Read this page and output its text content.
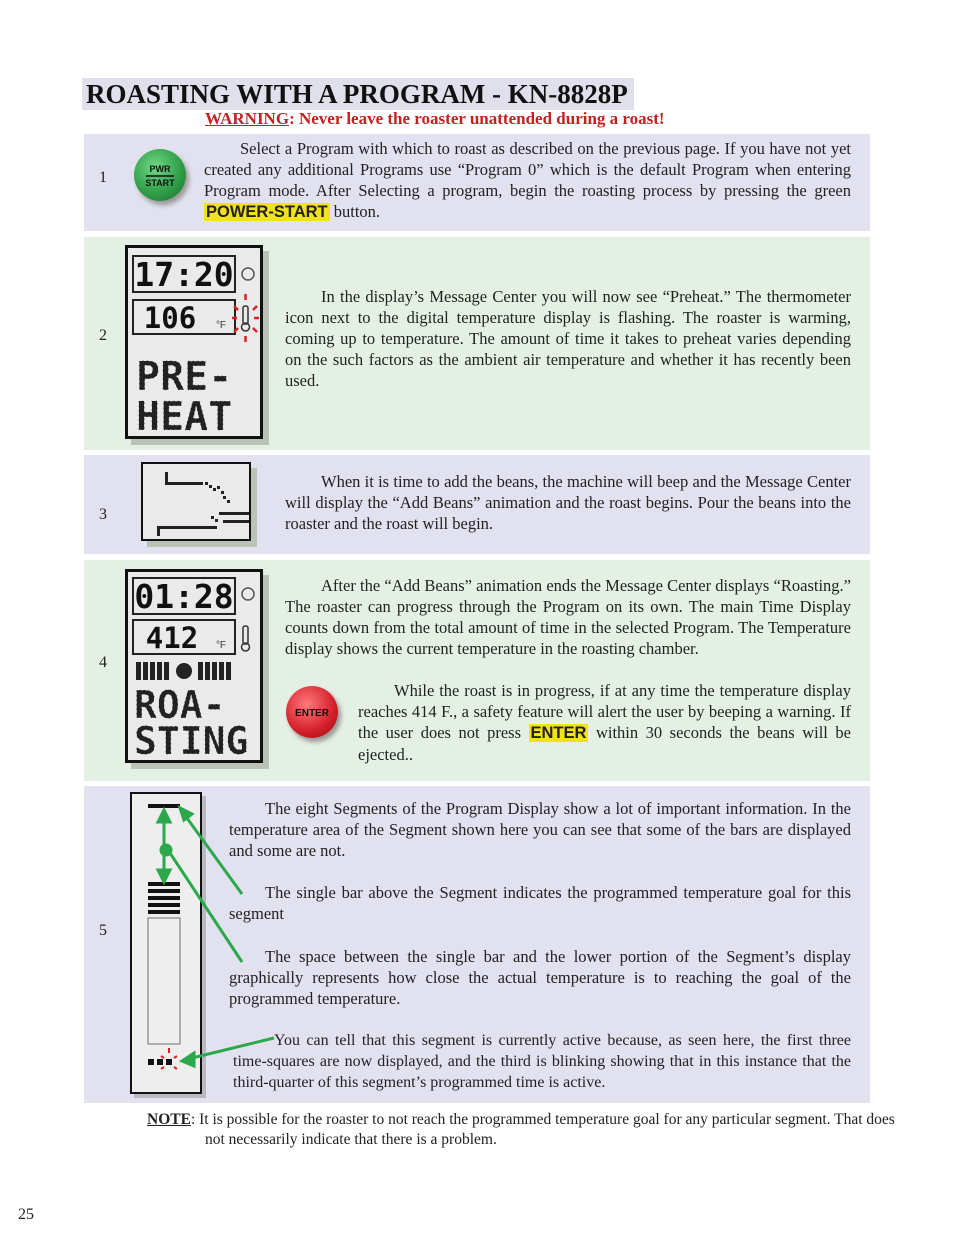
ROASTING WITH A PROGRAM - KN-8828P
WARNING: Never leave the roaster unattended during a roast!
1	PWR
START
Select a Program with which to roast as described on the previous page. If you have not yet created any additional Programs use “Program 0” which is the default Program when entering Program mode. After Selecting a program, begin the roasting process by pressing the green POWER-START button.
2
17:20
106 °F
PRE-
HEAT
In the display’s Message Center you will now see “Preheat.” The thermometer icon next to the digital temperature display is flashing. The roaster is warming, coming up to temperature. The amount of time it takes to preheat varies depending on the such factors as the ambient air temperature and whether it has recently been used.
3
When it is time to add the beans, the machine will beep and the Message Center will display the “Add Beans” animation and the roast begins. Pour the beans into the roaster and the roast will begin.
4
01:28
412 °F
ROA-
STING
After the “Add Beans” animation ends the Message Center displays “Roasting.” The roaster can progress through the Program on its own. The main Time Display counts down from the total amount of time in the selected Program. The Temperature display shows the current temperature in the roasting chamber.
ENTER
While the roast is in progress, if at any time the temperature display reaches 414 F., a safety feature will alert the user by beeping a warning. If the user does not press ENTER within 30 seconds the beans will be ejected..
5
The eight Segments of the Program Display show a lot of important information. In the temperature area of the Segment shown here you can see that some of the bars are displayed and some are not.
The single bar above the Segment indicates the programmed temperature goal for this segment
The space between the single bar and the lower portion of the Segment’s display graphically represents how close the actual temperature is to reaching the goal of the programmed temperature.
You can tell that this segment is currently active because, as seen here, the first three time-squares are now displayed, and the third is blinking showing that in this instance that the third-quarter of this segment’s programmed time is active.
NOTE: It is possible for the roaster to not reach the programmed temperature goal for any particular segment. That does not necessarily indicate that there is a problem.
25
